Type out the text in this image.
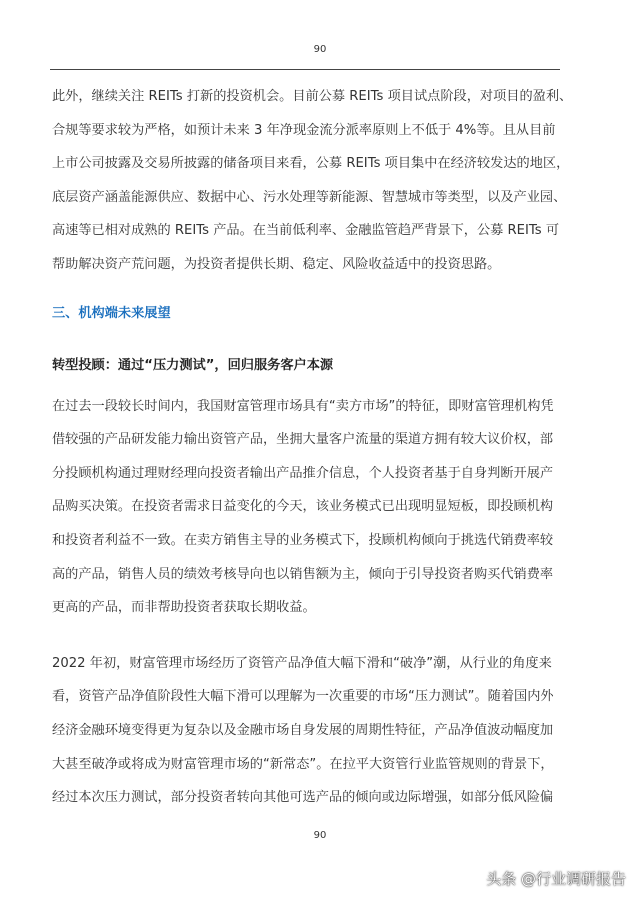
90

此外，继续关注 REITs 打新的投资机会。目前公募 REITs 项目试点阶段，对项目的盈利、
合规等要求较为严格，如预计未来 3 年净现金流分派率原则上不低于 4%等。且从目前
上市公司披露及交易所披露的储备项目来看，公募 REITs 项目集中在经济较发达的地区，
底层资产涵盖能源供应、数据中心、污水处理等新能源、智慧城市等类型，以及产业园、
高速等已相对成熟的 REITs 产品。在当前低利率、金融监管趋严背景下，公募 REITs 可
帮助解决资产荒问题，为投资者提供长期、稳定、风险收益适中的投资思路。

三、机构端未来展望
转型投顾：通过“压力测试”，回归服务客户本源

在过去一段较长时间内，我国财富管理市场具有“卖方市场”的特征，即财富管理机构凭
借较强的产品研发能力输出资管产品，坐拥大量客户流量的渠道方拥有较大议价权，部
分投顾机构通过理财经理向投资者输出产品推介信息，个人投资者基于自身判断开展产
品购买决策。在投资者需求日益变化的今天，该业务模式已出现明显短板，即投顾机构
和投资者利益不一致。在卖方销售主导的业务模式下，投顾机构倾向于挑选代销费率较
高的产品，销售人员的绩效考核导向也以销售额为主，倾向于引导投资者购买代销费率
更高的产品，而非帮助投资者获取长期收益。

2022 年初，财富管理市场经历了资管产品净值大幅下滑和“破净”潮，从行业的角度来
看，资管产品净值阶段性大幅下滑可以理解为一次重要的市场“压力测试”。随着国内外
经济金融环境变得更为复杂以及金融市场自身发展的周期性特征，产品净值波动幅度加
大甚至破净或将成为财富管理市场的“新常态”。在拉平大资管行业监管规则的背景下，
经过本次压力测试，部分投资者转向其他可选产品的倾向或边际增强，如部分低风险偏

90
头条 @行业调研报告
